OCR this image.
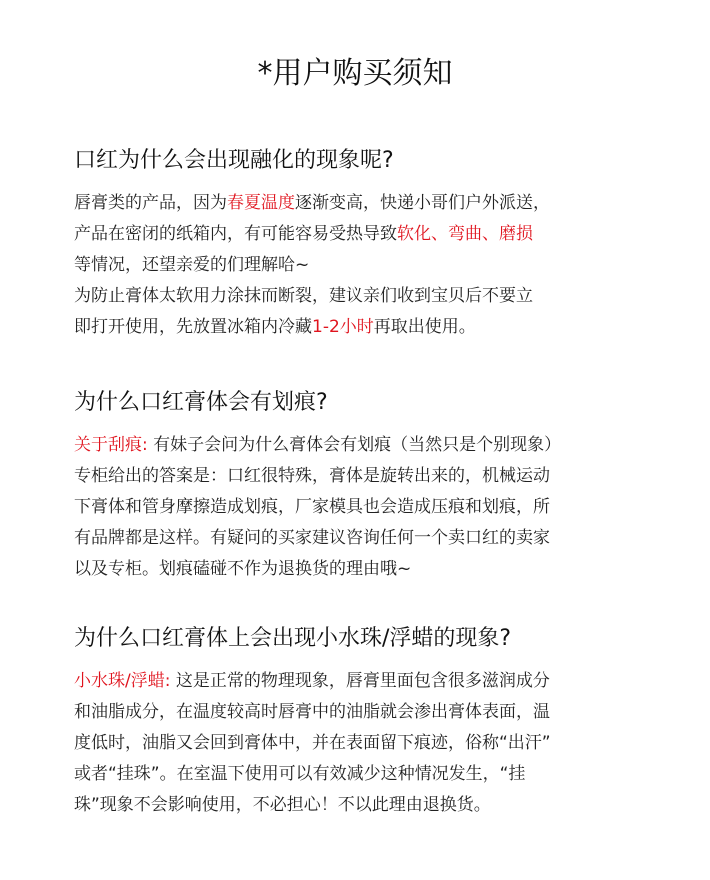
*用户购买须知
口红为什么会出现融化的现象呢?
唇膏类的产品，因为春夏温度逐渐变高，快递小哥们户外派送，
产品在密闭的纸箱内，有可能容易受热导致软化、弯曲、磨损
等情况，还望亲爱的们理解哈~
为防止膏体太软用力涂抹而断裂，建议亲们收到宝贝后不要立
即打开使用，先放置冰箱内冷藏1-2小时再取出使用。
为什么口红膏体会有划痕?
关于刮痕: 有妹子会问为什么膏体会有划痕（当然只是个别现象）
专柜给出的答案是：口红很特殊，膏体是旋转出来的，机械运动
下膏体和管身摩擦造成划痕，厂家模具也会造成压痕和划痕，所
有品牌都是这样。有疑问的买家建议咨询任何一个卖口红的卖家
以及专柜。划痕磕碰不作为退换货的理由哦~
为什么口红膏体上会出现小水珠/浮蜡的现象?
小水珠/浮蜡: 这是正常的物理现象，唇膏里面包含很多滋润成分
和油脂成分，在温度较高时唇膏中的油脂就会渗出膏体表面，温
度低时，油脂又会回到膏体中，并在表面留下痕迹，俗称“出汗”
或者“挂珠”。在室温下使用可以有效减少这种情况发生，“挂
珠”现象不会影响使用，不必担心！不以此理由退换货。
